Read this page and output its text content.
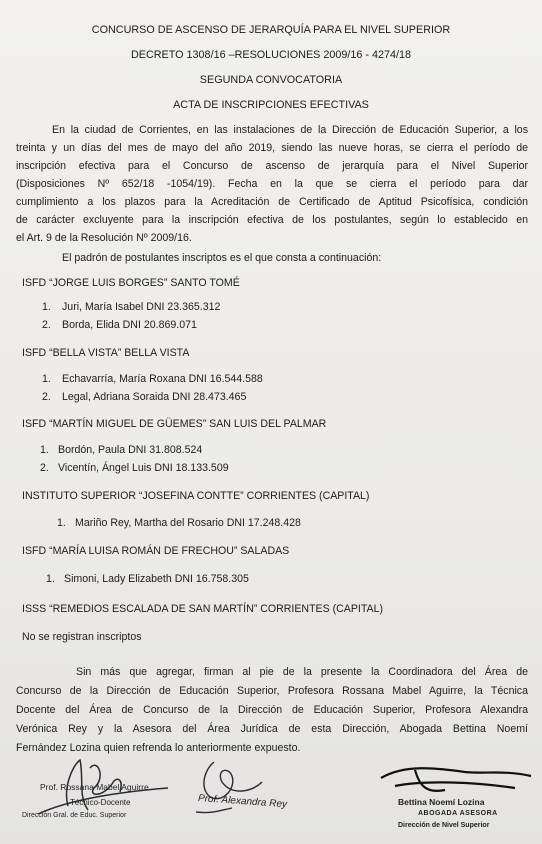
CONCURSO DE ASCENSO DE JERARQUÍA PARA EL NIVEL SUPERIOR
DECRETO 1308/16 –RESOLUCIONES 2009/16 - 4274/18
SEGUNDA CONVOCATORIA
ACTA DE INSCRIPCIONES EFECTIVAS
En la ciudad de Corrientes, en las instalaciones de la Dirección de Educación Superior, a los
treinta y un días del mes de mayo del año 2019, siendo las nueve horas, se cierra el período de
inscripción efectiva para el Concurso de ascenso de jerarquía para el Nivel Superior
(Disposiciones Nº 652/18 -1054/19). Fecha en la que se cierra el período para dar
cumplimiento a los plazos para la Acreditación de Certificado de Aptitud Psicofísica, condición
de carácter excluyente para la inscripción efectiva de los postulantes, según lo establecido en
el Art. 9 de la Resolución Nº 2009/16.
El padrón de postulantes inscriptos es el que consta a continuación:
ISFD “JORGE LUIS BORGES” SANTO TOMÉ
1. Juri, María Isabel DNI 23.365.312
2. Borda, Elida DNI 20.869.071
ISFD “BELLA VISTA” BELLA VISTA
1. Echavarría, María Roxana DNI 16.544.588
2. Legal, Adriana Soraida DNI 28.473.465
ISFD “MARTÍN MIGUEL DE GÜEMES” SAN LUIS DEL PALMAR
1. Bordón, Paula DNI 31.808.524
2. Vicentín, Ángel Luis DNI 18.133.509
INSTITUTO SUPERIOR “JOSEFINA CONTTE” CORRIENTES (CAPITAL)
1. Mariño Rey, Martha del Rosario DNI 17.248.428
ISFD “MARÍA LUISA ROMÁN DE FRECHOU” SALADAS
1. Simoni, Lady Elizabeth DNI 16.758.305
ISSS “REMEDIOS ESCALADA DE SAN MARTÍN” CORRIENTES (CAPITAL)
No se registran inscriptos
Sin más que agregar, firman al pie de la presente la Coordinadora del Área de
Concurso de la Dirección de Educación Superior, Profesora Rossana Mabel Aguirre, la Técnica
Docente del Área de Concurso de la Dirección de Educación Superior, Profesora Alexandra
Verónica Rey y la Asesora del Área Jurídica de esta Dirección, Abogada Bettina Noemí
Fernández Lozina quien refrenda lo anteriormente expuesto.
Prof. Rossana Mabel Aguirre
Técnico-Docente
Dirección Gral. de Educ. Superior
Prof. Alexandra Rey	Bettina Noemí Lozina
ABOGADA ASESORA
Dirección de Nivel Superior
